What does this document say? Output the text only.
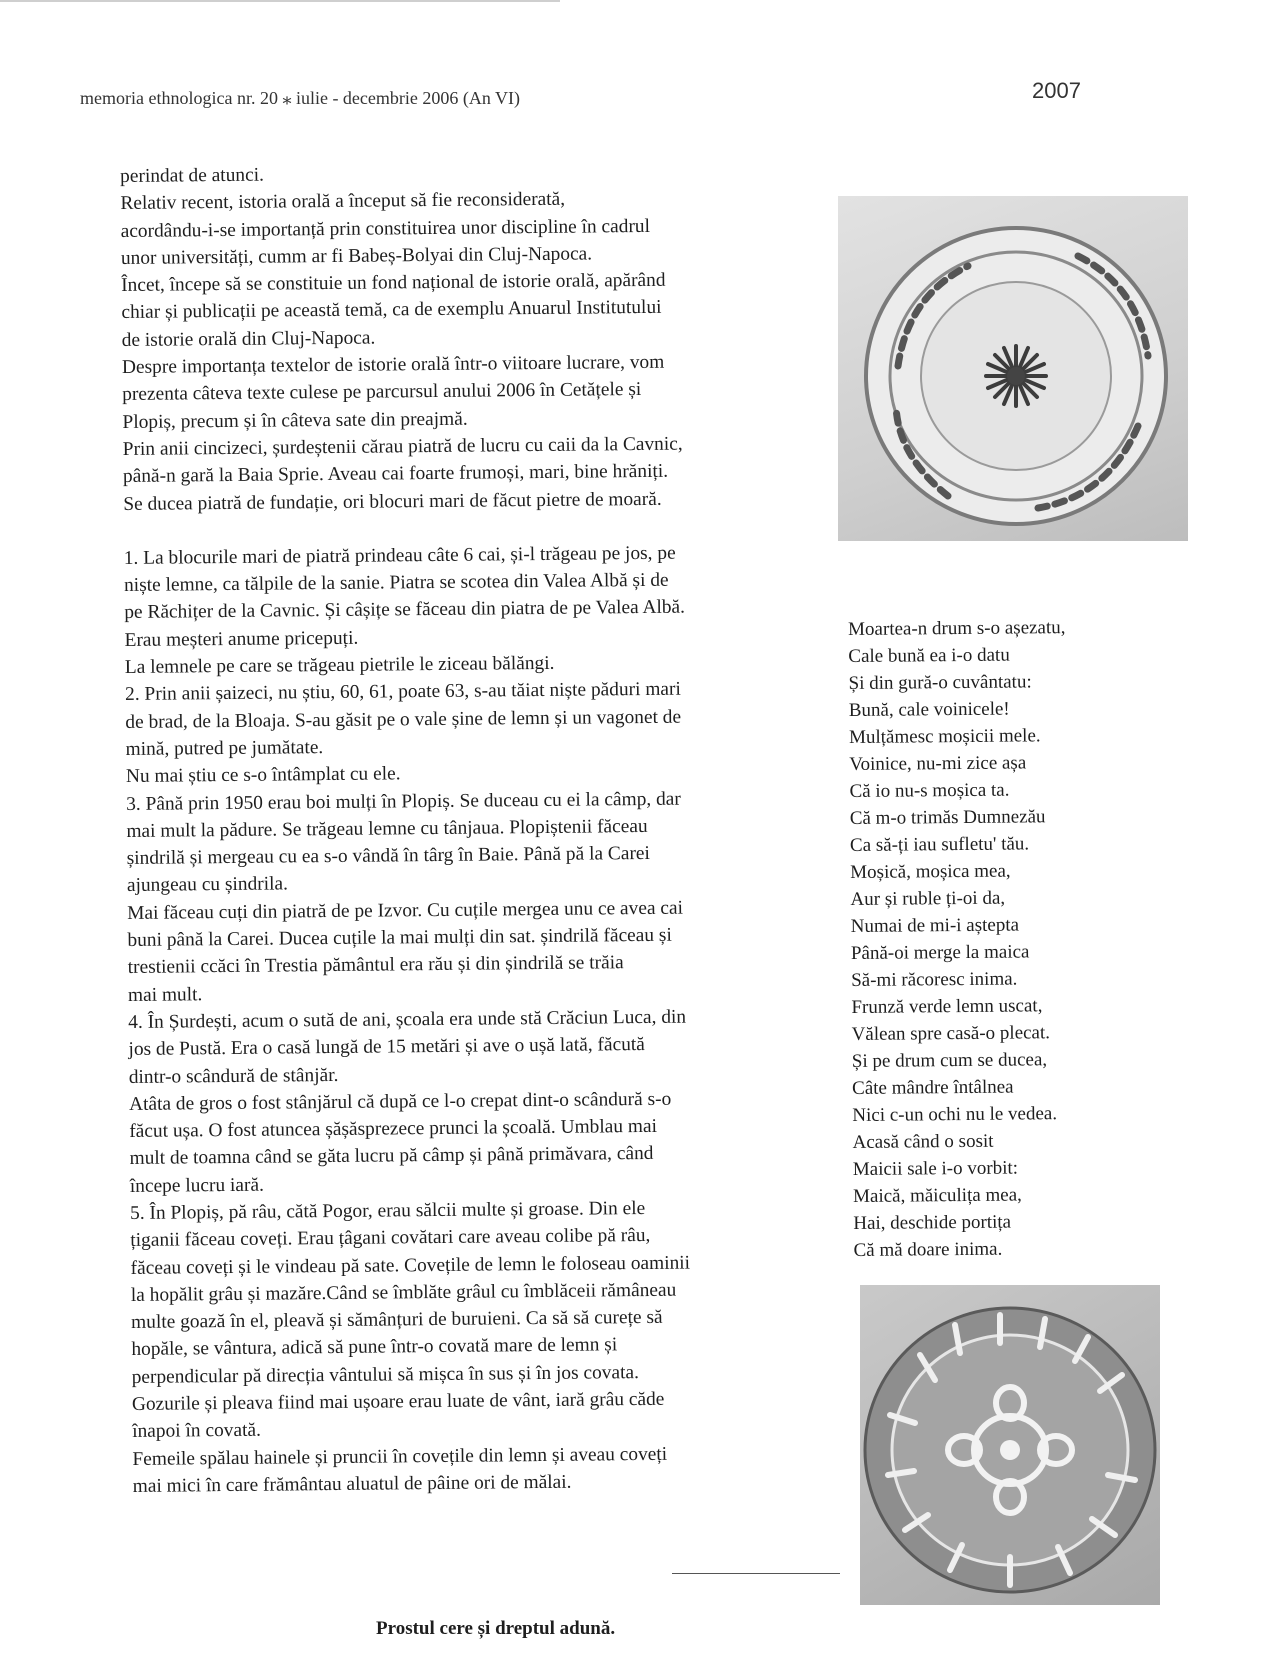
memoria ethnologica nr. 20 ⁎ iulie - decembrie 2006 (An VI)	2007

perindat de atunci.

Relativ recent, istoria orală a început să fie reconsiderată,

acordându-i-se importanță prin constituirea unor discipline în cadrul

unor universități, cumm ar fi Babeș-Bolyai din Cluj-Napoca.

Încet, începe să se constituie un fond național de istorie orală, apărând

chiar și publicații pe această temă, ca de exemplu Anuarul Institutului

de istorie orală din Cluj-Napoca.

Despre importanța textelor de istorie orală într-o viitoare lucrare, vom

prezenta câteva texte culese pe parcursul anului 2006 în Cetățele și

Plopiș, precum și în câteva sate din preajmă.

Prin anii cincizeci, șurdeștenii cărau piatră de lucru cu caii da la Cavnic,

până-n gară la Baia Sprie. Aveau cai foarte frumoși, mari, bine hrăniți.

Se ducea piatră de fundație, ori blocuri mari de făcut pietre de moară.

1. La blocurile mari de piatră prindeau câte 6 cai, și-l trăgeau pe jos, pe

niște lemne, ca tălpile de la sanie. Piatra se scotea din Valea Albă și de

pe Răchițer de la Cavnic. Și câșițe se făceau din piatra de pe Valea Albă.

Erau meșteri anume pricepuți.

La lemnele pe care se trăgeau pietrile le ziceau bălăngi.

2. Prin anii șaizeci, nu știu, 60, 61, poate 63, s-au tăiat niște păduri mari

de brad, de la Bloaja. S-au găsit pe o vale șine de lemn și un vagonet de

mină, putred pe jumătate.

Nu mai știu ce s-o întâmplat cu ele.

3. Până prin 1950 erau boi mulți în Plopiș. Se duceau cu ei la câmp, dar

mai mult la pădure. Se trăgeau lemne cu tânjaua. Plopiștenii făceau

șindrilă și mergeau cu ea s-o vândă în târg în Baie. Până pă la Carei

ajungeau cu șindrila.

Mai făceau cuți din piatră de pe Izvor. Cu cuțile mergea unu ce avea cai

buni până la Carei. Ducea cuțile la mai mulți din sat. șindrilă făceau și

trestienii ccăci în Trestia pământul era rău și din șindrilă se trăia

mai mult.

4. În Șurdești, acum o sută de ani, școala era unde stă Crăciun Luca, din

jos de Pustă. Era o casă lungă de 15 metări și ave o ușă lată, făcută

dintr-o scândură de stânjăr.

Atâta de gros o fost stânjărul că după ce l-o crepat dint-o scândură s-o

făcut ușa. O fost atuncea șășăsprezece prunci la școală. Umblau mai

mult de toamna când se găta lucru pă câmp și până primăvara, când

începe lucru iară.

5. În Plopiș, pă râu, cătă Pogor, erau sălcii multe și groase. Din ele

țiganii făceau coveți. Erau țâgani covătari care aveau colibe pă râu,

făceau coveți și le vindeau pă sate. Covețile de lemn le foloseau oaminii

la hopălit grâu și mazăre.Când se îmblăte grâul cu îmblăceii rămâneau

multe goază în el, pleavă și sămânțuri de buruieni. Ca să să curețe să

hopăle, se vântura, adică să pune într-o covată mare de lemn și

perpendicular pă direcția vântului să mișca în sus și în jos covata.

Gozurile și pleava fiind mai ușoare erau luate de vânt, iară grâu căde

înapoi în covată.

Femeile spălau hainele și pruncii în covețile din lemn și aveau coveți

mai mici în care frământau aluatul de pâine ori de mălai.

Moartea-n drum s-o așezatu,
Cale bună ea i-o datu
Și din gură-o cuvântatu:
Bună, cale voinicele!
Mulțămesc moșicii mele.
Voinice, nu-mi zice așa
Că io nu-s moșica ta.
Că m-o trimăs Dumnezău
Ca să-ți iau sufletu' tău.
Moșică, moșica mea,
Aur și ruble ți-oi da,
Numai de mi-i aștepta
Până-oi merge la maica
Să-mi răcoresc inima.
Frunză verde lemn uscat,
Vălean spre casă-o plecat.
Și pe drum cum se ducea,
Câte mândre întâlnea
Nici c-un ochi nu le vedea.
Acasă când o sosit
Maicii sale i-o vorbit:
Maică, măiculița mea,
Hai, deschide portița
Că mă doare inima.
Prostul cere și dreptul adună.
